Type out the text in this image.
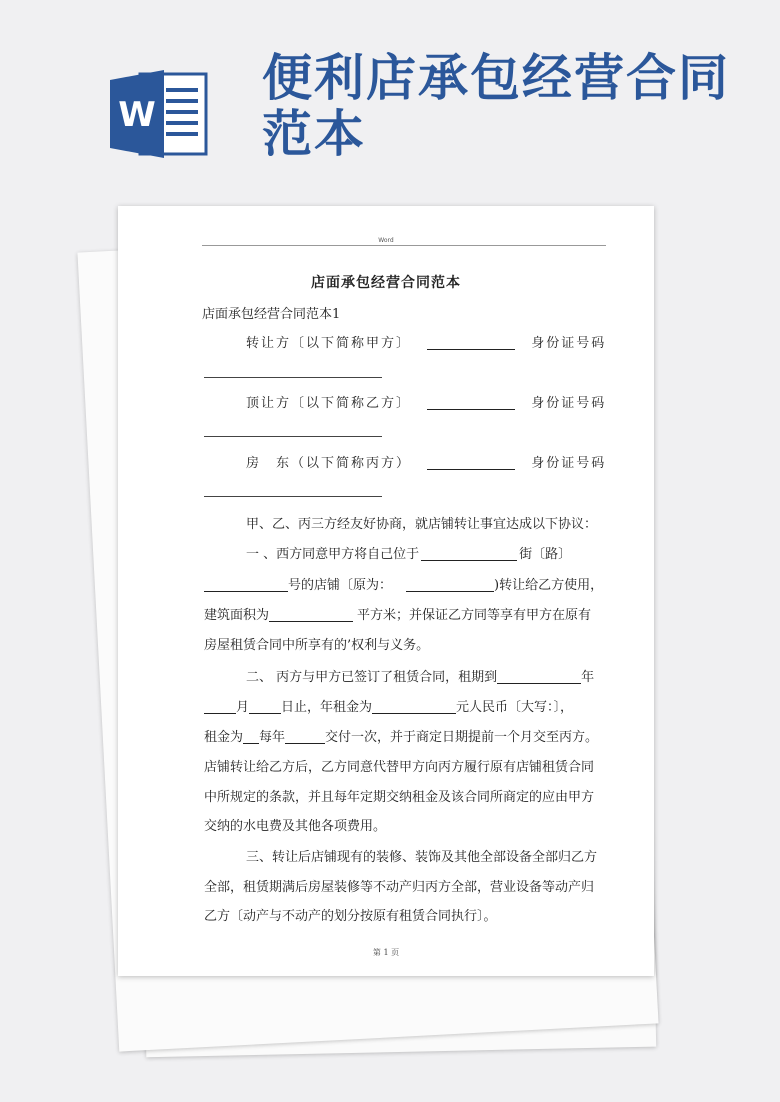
W
便利店承包经营合同范本
Word
店面承包经营合同范本
店面承包经营合同范本1
转让方〔以下简称甲方〕	身份证号码
顶让方〔以下简称乙方〕	身份证号码
房　东（以下简称丙方）	身份证号码
甲、乙、丙三方经友好协商，就店铺转让事宜达成以下协议：
一 、西方同意甲方将自己位于	街〔路〕
号的店铺〔原为：	)转让给乙方使用，
建筑面积为	平方米；并保证乙方同等享有甲方在原有
房屋租赁合同中所享有的’权利与义务。
二、 丙方与甲方已签订了租赁合同，租期到	年
月 日止，年租金为	元人民币〔大写：〕，
租金为 每年	交付一次，并于商定日期提前一个月交至丙方。
店铺转让给乙方后，乙方同意代替甲方向丙方履行原有店铺租赁合同
中所规定的条款，并且每年定期交纳租金及该合同所商定的应由甲方
交纳的水电费及其他各项费用。
三、转让后店铺现有的装修、装饰及其他全部设备全部归乙方
全部，租赁期满后房屋装修等不动产归丙方全部，营业设备等动产归
乙方〔动产与不动产的划分按原有租赁合同执行〕。
第 1 页
